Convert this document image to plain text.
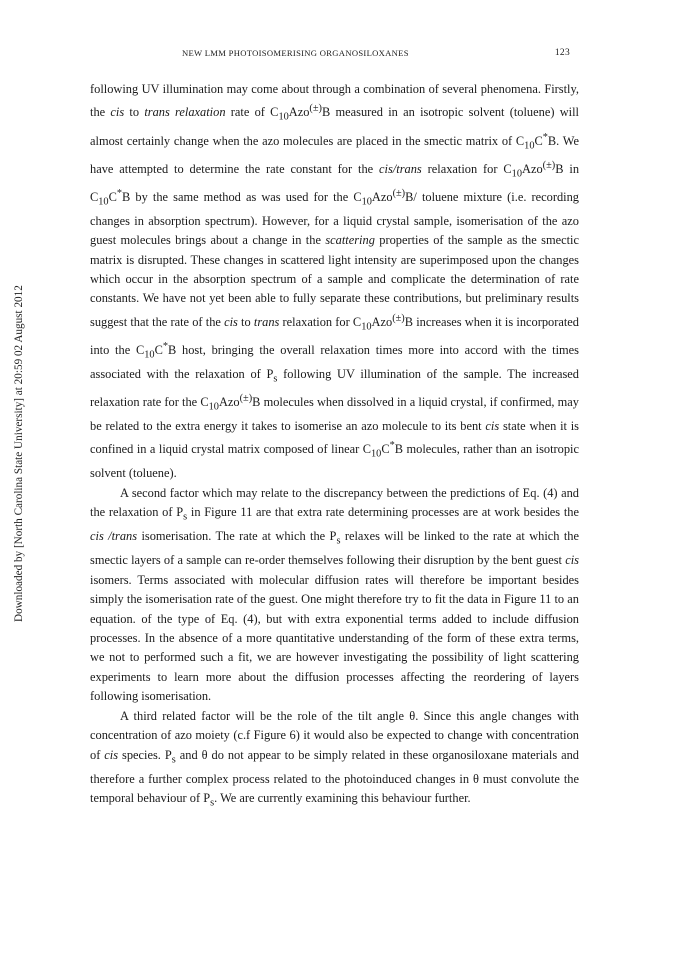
NEW LMM PHOTOISOMERISING ORGANOSILOXANES	123
Downloaded by [North Carolina State University] at 20:59 02 August 2012

following UV illumination may come about through a combination of several phenomena. Firstly, the cis to trans relaxation rate of $C_{10}Azo^{(\pm)}B$ measured in an isotropic solvent (toluene) will almost certainly change when the azo molecules are placed in the smectic matrix of $C_{10}C^*B$. We have attempted to determine the rate constant for the cis/trans relaxation for $C_{10}Azo^{(\pm)}B$ in $C_{10}C^*B$ by the same method as was used for the $C_{10}Azo^{(\pm)}B/$ toluene mixture (i.e. recording changes in absorption spectrum). However, for a liquid crystal sample, isomerisation of the azo guest molecules brings about a change in the scattering properties of the sample as the smectic matrix is disrupted. These changes in scattered light intensity are superimposed upon the changes which occur in the absorption spectrum of a sample and complicate the determination of rate constants. We have not yet been able to fully separate these contributions, but preliminary results suggest that the rate of the cis to trans relaxation for $C_{10}Azo^{(\pm)}B$ increases when it is incorporated into the $C_{10}C^*B$ host, bringing the overall relaxation times more into accord with the times associated with the relaxation of $P_s$ following UV illumination of the sample. The increased relaxation rate for the $C_{10}Azo^{(\pm)}B$ molecules when dissolved in a liquid crystal, if confirmed, may be related to the extra energy it takes to isomerise an azo molecule to its bent cis state when it is confined in a liquid crystal matrix composed of linear $C_{10}C^*B$ molecules, rather than an isotropic solvent (toluene).

A second factor which may relate to the discrepancy between the predictions of Eq. (4) and the relaxation of $P_s$ in Figure 11 are that extra rate determining processes are at work besides the cis /trans isomerisation. The rate at which the $P_s$ relaxes will be linked to the rate at which the smectic layers of a sample can re-order themselves following their disruption by the bent guest cis isomers. Terms associated with molecular diffusion rates will therefore be important besides simply the isomerisation rate of the guest. One might therefore try to fit the data in Figure 11 to an equation. of the type of Eq. (4), but with extra exponential terms added to include diffusion processes. In the absence of a more quantitative understanding of the form of these extra terms, we not to performed such a fit, we are however investigating the possibility of light scattering experiments to learn more about the diffusion processes affecting the reordering of layers following isomerisation.

A third related factor will be the role of the tilt angle θ. Since this angle changes with concentration of azo moiety (c.f Figure 6) it would also be expected to change with concentration of cis species. $P_s$ and θ do not appear to be simply related in these organosiloxane materials and therefore a further complex process related to the photoinduced changes in θ must convolute the temporal behaviour of $P_s$. We are currently examining this behaviour further.
